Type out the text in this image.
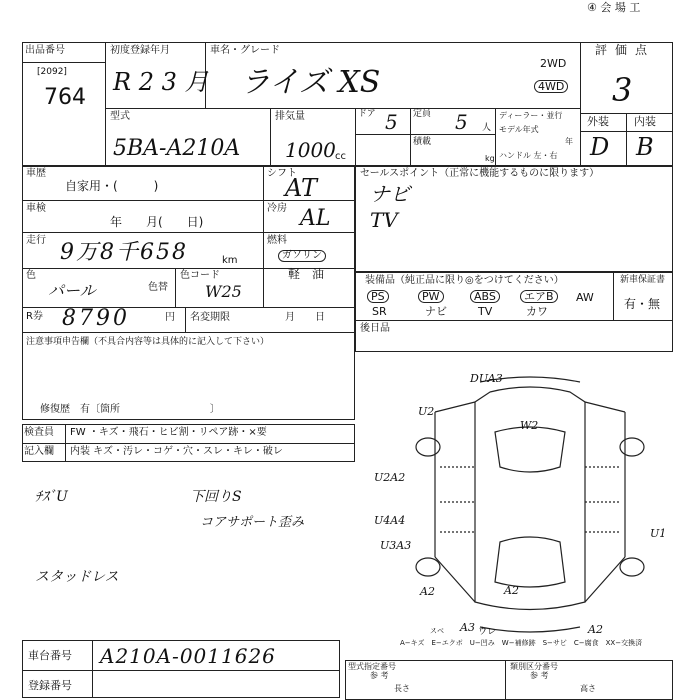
④ 会 場 工
出品番号
[2092]
764
初度登録年月
R 2 3 月
車名・グレード
ライズ XS
2WD
4WD
評価点
3
外装 内装
D B
型式
5BA-A210A
排気量
1000 cc
ドア 5 定員 5 人
積載
kg
ディーラー・並行
モデル年式
年
ハンドル 左・右
車歴
自家用・(　　　)
車検
年　　月(　　日)
走行 9万8千658	km
色
パール	色替
色コード
W25
シフト
AT
冷房 AL
燃料
ガソリン
軽　油
R券 8790	円 名変期限	月　　日
注意事項申告欄（不具合内容等は具体的に記入して下さい）
修復歴　有〔箇所　　　　　　　　　〕
検査員
記入欄
FW ・キズ・飛石・ヒビ割・リペア跡・×要
内装 キズ・汚レ・コゲ・穴・スレ・キレ・破レ
セールスポイント（正常に機能するものに限ります）
ナビ
TV
装備品（純正品に限り◎をつけてください）	新車保証書
有・無
PS	PW	ABS	エアB	AW
SR	ナビ	TV	カワ
後日品
ﾁｽﾞU
スタッドレス
下回りS
コアサポート歪み
U2
W2
U2A2
U4A4
U3A3
U1
A2	A2
A3	A2
DUA3
スベ	ウレ
A−キズ　E−エクボ　U−凹み　W−補修跡　S−サビ　C−腐食　XX−交換済
車台番号 A210A-0011626
登録番号
型式指定番号
参 考
類別区分番号
参 考
長さ	高さ
